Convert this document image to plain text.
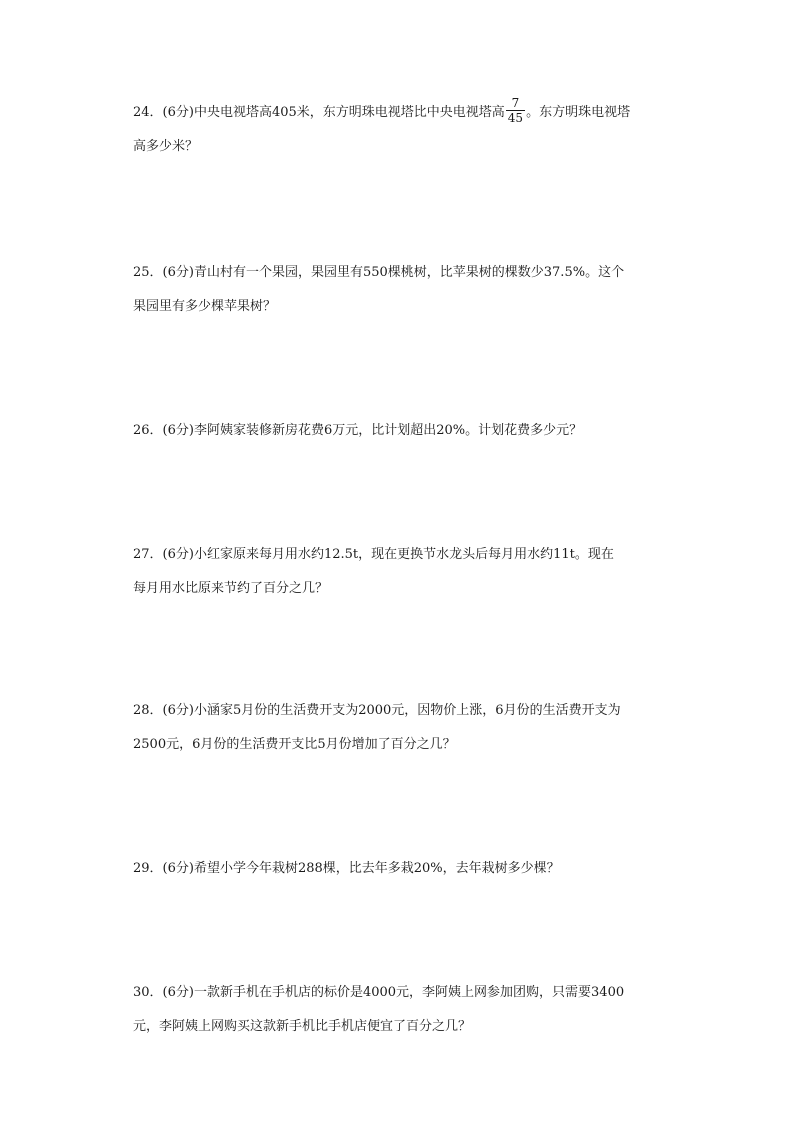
24．(6分)中央电视塔高405米，东方明珠电视塔比中央电视塔高 $\frac{7}{45}$ 。东方明珠电视塔
高多少米？
25．(6分)青山村有一个果园，果园里有550棵桃树，比苹果树的棵数少37.5%。这个
果园里有多少棵苹果树？
26．(6分)李阿姨家装修新房花费6万元，比计划超出20%。计划花费多少元？
27．(6分)小红家原来每月用水约12.5t，现在更换节水龙头后每月用水约11t。现在
每月用水比原来节约了百分之几？
28．(6分)小涵家5月份的生活费开支为2000元，因物价上涨，6月份的生活费开支为
2500元，6月份的生活费开支比5月份增加了百分之几？
29．(6分)希望小学今年栽树288棵，比去年多栽20%，去年栽树多少棵？
30．(6分)一款新手机在手机店的标价是4000元，李阿姨上网参加团购，只需要3400
元，李阿姨上网购买这款新手机比手机店便宜了百分之几？
